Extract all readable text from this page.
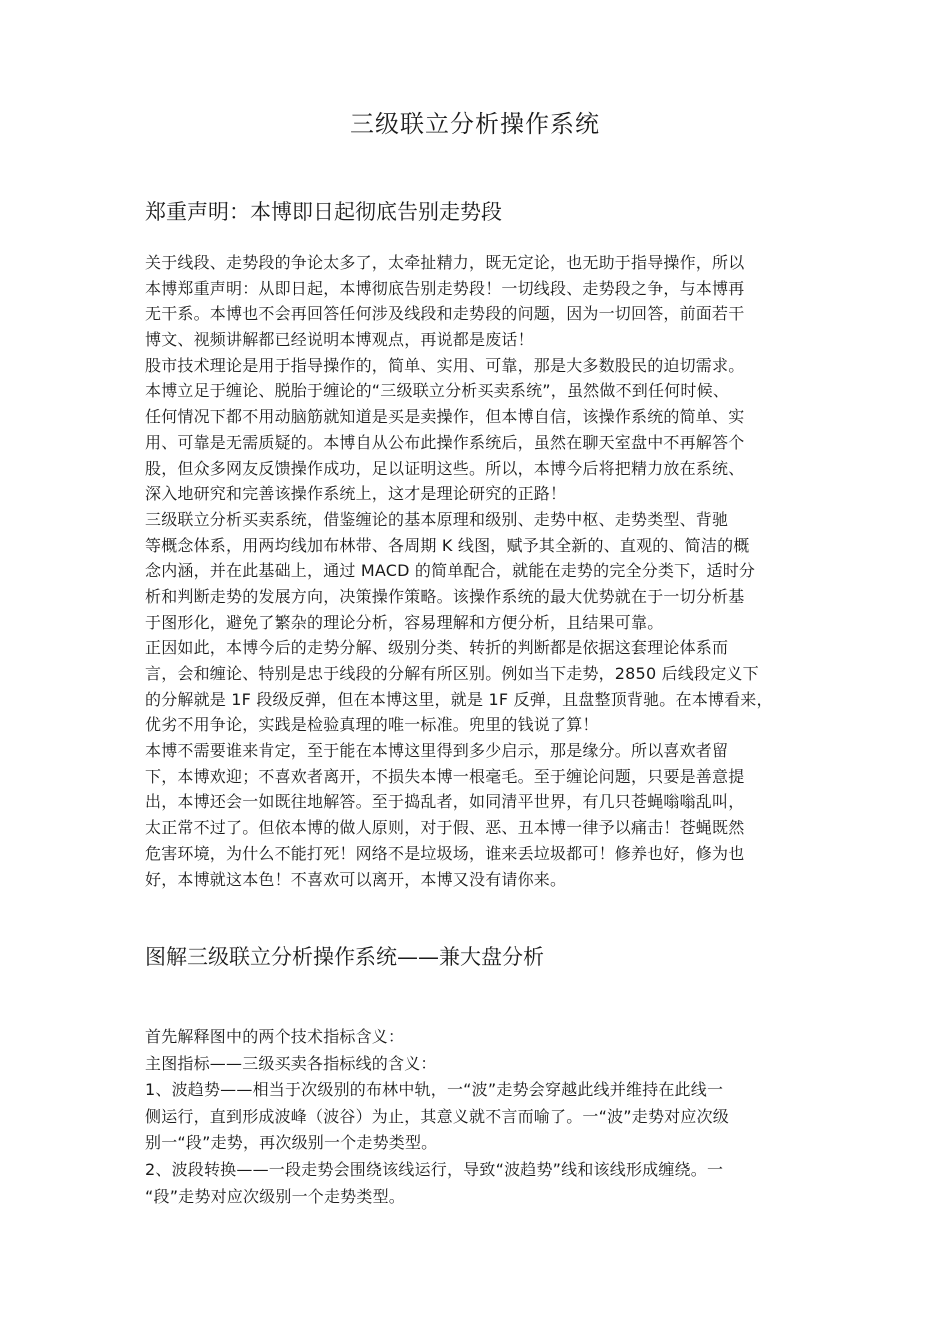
三级联立分析操作系统
郑重声明：本博即日起彻底告别走势段
关于线段、走势段的争论太多了，太牵扯精力，既无定论，也无助于指导操作，所以
本博郑重声明：从即日起，本博彻底告别走势段！一切线段、走势段之争，与本博再
无干系。本博也不会再回答任何涉及线段和走势段的问题，因为一切回答，前面若干
博文、视频讲解都已经说明本博观点，再说都是废话！
股市技术理论是用于指导操作的，简单、实用、可靠，那是大多数股民的迫切需求。
本博立足于缠论、脱胎于缠论的“三级联立分析买卖系统”，虽然做不到任何时候、
任何情况下都不用动脑筋就知道是买是卖操作，但本博自信，该操作系统的简单、实
用、可靠是无需质疑的。本博自从公布此操作系统后，虽然在聊天室盘中不再解答个
股，但众多网友反馈操作成功，足以证明这些。所以，本博今后将把精力放在系统、
深入地研究和完善该操作系统上，这才是理论研究的正路！
三级联立分析买卖系统，借鉴缠论的基本原理和级别、走势中枢、走势类型、背驰
等概念体系，用两均线加布林带、各周期 K 线图，赋予其全新的、直观的、简洁的概
念内涵，并在此基础上，通过 MACD 的简单配合，就能在走势的完全分类下，适时分
析和判断走势的发展方向，决策操作策略。该操作系统的最大优势就在于一切分析基
于图形化，避免了繁杂的理论分析，容易理解和方便分析，且结果可靠。
正因如此，本博今后的走势分解、级别分类、转折的判断都是依据这套理论体系而
言，会和缠论、特别是忠于线段的分解有所区别。例如当下走势，2850 后线段定义下
的分解就是 1F 段级反弹，但在本博这里，就是 1F 反弹，且盘整顶背驰。在本博看来，
优劣不用争论，实践是检验真理的唯一标准。兜里的钱说了算！
本博不需要谁来肯定，至于能在本博这里得到多少启示，那是缘分。所以喜欢者留
下，本博欢迎；不喜欢者离开，不损失本博一根毫毛。至于缠论问题，只要是善意提
出，本博还会一如既往地解答。至于捣乱者，如同清平世界，有几只苍蝇嗡嗡乱叫，
太正常不过了。但依本博的做人原则，对于假、恶、丑本博一律予以痛击！苍蝇既然
危害环境，为什么不能打死！网络不是垃圾场，谁来丢垃圾都可！修养也好，修为也
好，本博就这本色！不喜欢可以离开，本博又没有请你来。
图解三级联立分析操作系统——兼大盘分析
首先解释图中的两个技术指标含义：
主图指标——三级买卖各指标线的含义：
1、波趋势——相当于次级别的布林中轨，一“波”走势会穿越此线并维持在此线一
侧运行，直到形成波峰（波谷）为止，其意义就不言而喻了。一“波”走势对应次级
别一“段”走势，再次级别一个走势类型。
2、波段转换——一段走势会围绕该线运行，导致“波趋势”线和该线形成缠绕。一
“段”走势对应次级别一个走势类型。
